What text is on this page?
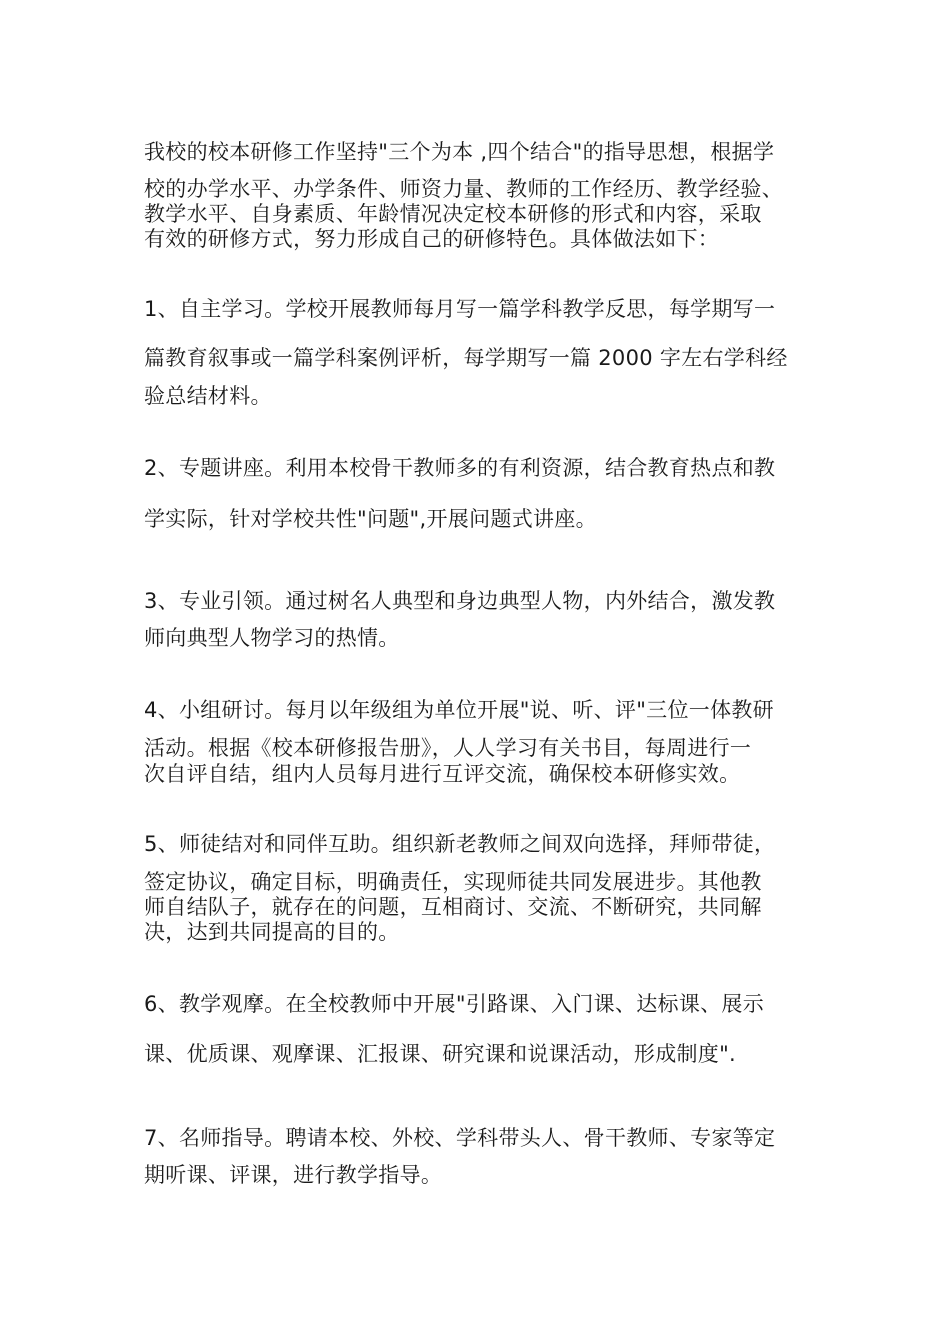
我校的校本研修工作坚持"三个为本 ,四个结合"的指导思想，根据学
校的办学水平、办学条件、师资力量、教师的工作经历、教学经验、
教学水平、自身素质、年龄情况决定校本研修的形式和内容，采取
有效的研修方式，努力形成自己的研修特色。具体做法如下：
1、自主学习。学校开展教师每月写一篇学科教学反思，每学期写一
篇教育叙事或一篇学科案例评析，每学期写一篇 2000 字左右学科经
验总结材料。
2、专题讲座。利用本校骨干教师多的有利资源，结合教育热点和教
学实际，针对学校共性"问题",开展问题式讲座。
3、专业引领。通过树名人典型和身边典型人物，内外结合，激发教
师向典型人物学习的热情。
4、小组研讨。每月以年级组为单位开展"说、听、评"三位一体教研
活动。根据《校本研修报告册》，人人学习有关书目，每周进行一
次自评自结，组内人员每月进行互评交流，确保校本研修实效。
5、师徒结对和同伴互助。组织新老教师之间双向选择，拜师带徒，
签定协议，确定目标，明确责任，实现师徒共同发展进步。其他教
师自结队子，就存在的问题，互相商讨、交流、不断研究，共同解
决，达到共同提高的目的。
6、教学观摩。在全校教师中开展"引路课、入门课、达标课、展示
课、优质课、观摩课、汇报课、研究课和说课活动，形成制度".
7、名师指导。聘请本校、外校、学科带头人、骨干教师、专家等定
期听课、评课，进行教学指导。
